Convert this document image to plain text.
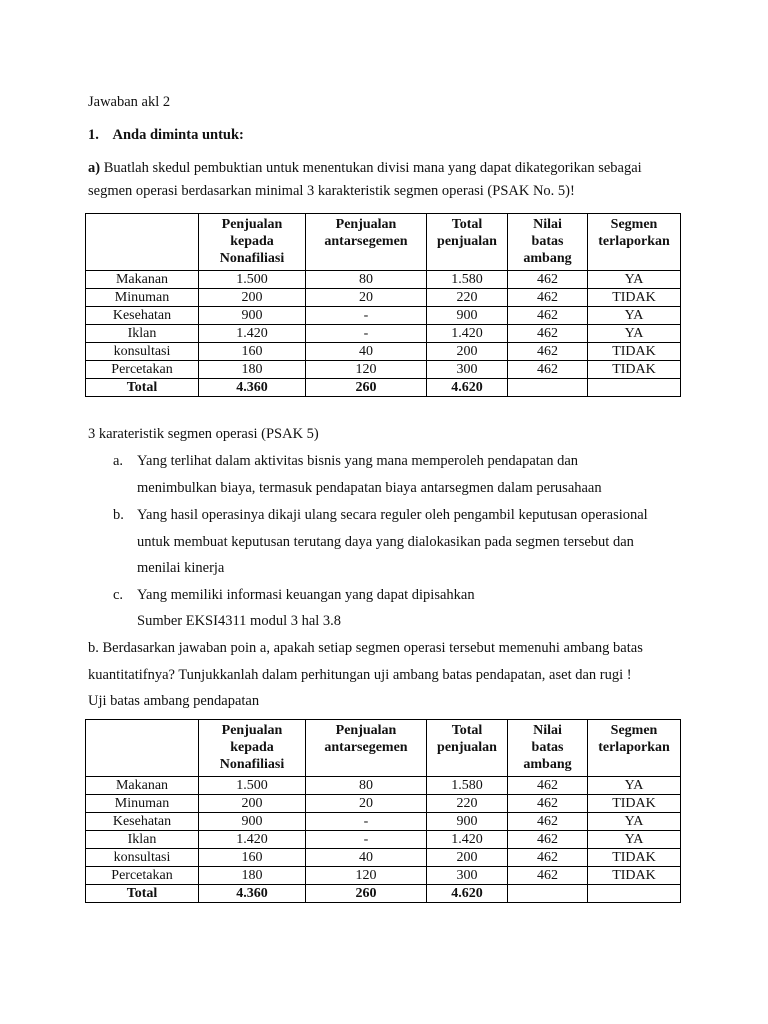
Jawaban akl 2
1. Anda diminta untuk:
a) Buatlah skedul pembuktian untuk menentukan divisi mana yang dapat dikategorikan sebagai
segmen operasi berdasarkan minimal 3 karakteristik segmen operasi (PSAK No. 5)!
	Penjualan
kepada
Nonafiliasi	Penjualan
antarsegemen	Total
penjualan	Nilai
batas
ambang	Segmen
terlaporkan
Makanan	1.500	80	1.580	462	YA
Minuman	200	20	220	462	TIDAK
Kesehatan	900	-	900	462	YA
Iklan	1.420	-	1.420	462	YA
konsultasi	160	40	200	462	TIDAK
Percetakan	180	120	300	462	TIDAK
Total	4.360	260	4.620		
3 karateristik segmen operasi (PSAK 5)
a. Yang terlihat dalam aktivitas bisnis yang mana memperoleh pendapatan dan
menimbulkan biaya, termasuk pendapatan biaya antarsegmen dalam perusahaan
b. Yang hasil operasinya dikaji ulang secara reguler oleh pengambil keputusan operasional
untuk membuat keputusan terutang daya yang dialokasikan pada segmen tersebut dan
menilai kinerja
c. Yang memiliki informasi keuangan yang dapat dipisahkan
Sumber EKSI4311 modul 3 hal 3.8
b. Berdasarkan jawaban poin a, apakah setiap segmen operasi tersebut memenuhi ambang batas
kuantitatifnya? Tunjukkanlah dalam perhitungan uji ambang batas pendapatan, aset dan rugi !
Uji batas ambang pendapatan
	Penjualan
kepada
Nonafiliasi	Penjualan
antarsegemen	Total
penjualan	Nilai
batas
ambang	Segmen
terlaporkan
Makanan	1.500	80	1.580	462	YA
Minuman	200	20	220	462	TIDAK
Kesehatan	900	-	900	462	YA
Iklan	1.420	-	1.420	462	YA
konsultasi	160	40	200	462	TIDAK
Percetakan	180	120	300	462	TIDAK
Total	4.360	260	4.620		
